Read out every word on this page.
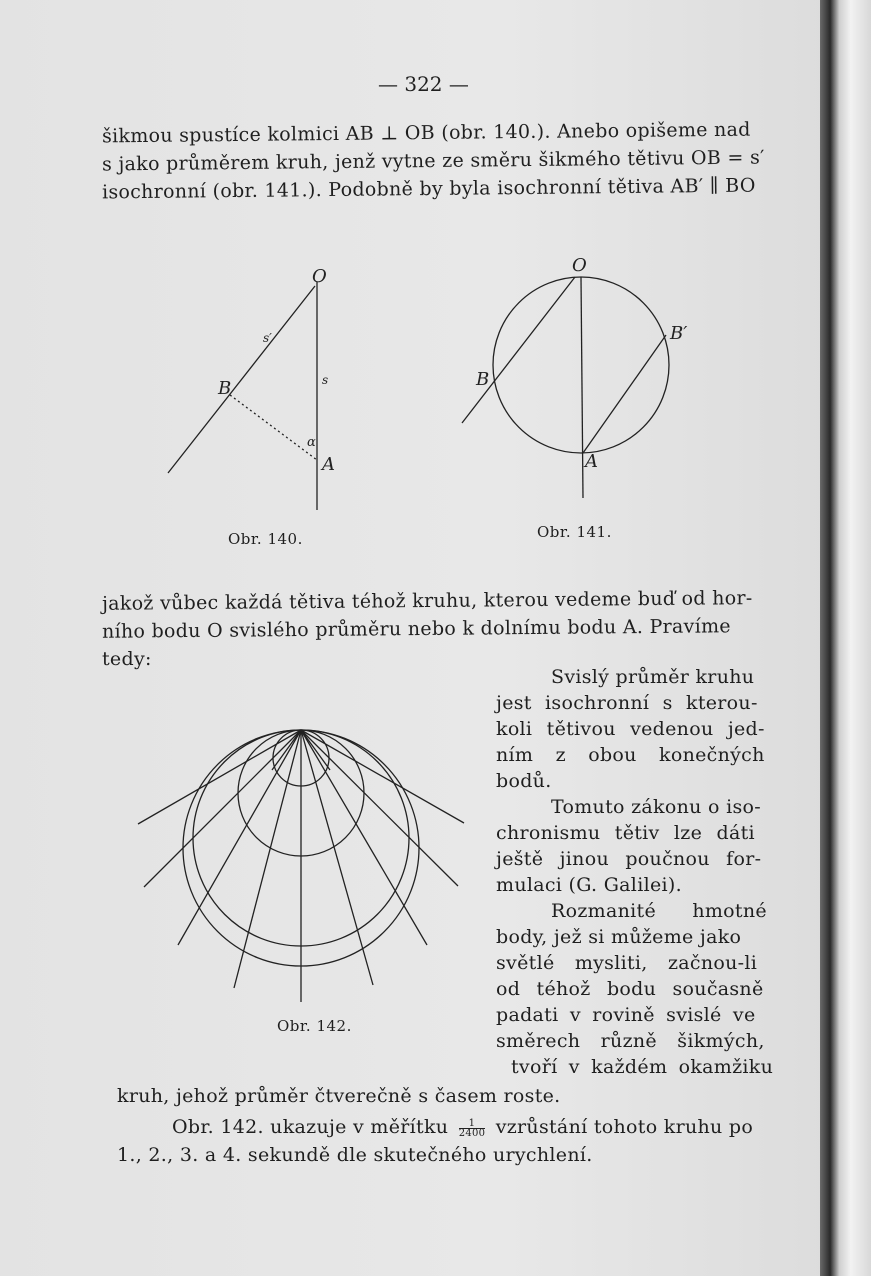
— 322 —
šikmou spustíce kolmici AB ⊥ OB (obr. 140.). Anebo opišeme nad
s jako průměrem kruh, jenž vytne ze směru šikmého tětivu OB = s′
isochronní (obr. 141.). Podobně by byla isochronní tětiva AB′ ∥ BO
O
s′
s
B
α
A
Obr. 140.
O
B′
B
A
Obr. 141.
jakož vůbec každá tětiva téhož kruhu, kterou vedeme buď od hor-
ního bodu O svislého průměru nebo k dolnímu bodu A. Pravíme
tedy:
Svislý průměr kruhu
jest isochronní s kterou-
koli tětivou vedenou jed-
ním z obou konečných
bodů.
Tomuto zákonu o iso-
chronismu tětiv lze dáti
ještě jinou poučnou for-
mulaci (G. Galilei).
Rozmanité hmotné
body, jež si můžeme jako
světlé mysliti, začnou-li
od téhož bodu současně
padati v rovině svislé ve
směrech různě šikmých,
tvoří v každém okamžiku
Obr. 142.
kruh, jehož průměr čtverečně s časem roste.
Obr. 142. ukazuje v měřítku $\frac{1}{2400}$ vzrůstání tohoto kruhu po
1., 2., 3. a 4. sekundě dle skutečného urychlení.
